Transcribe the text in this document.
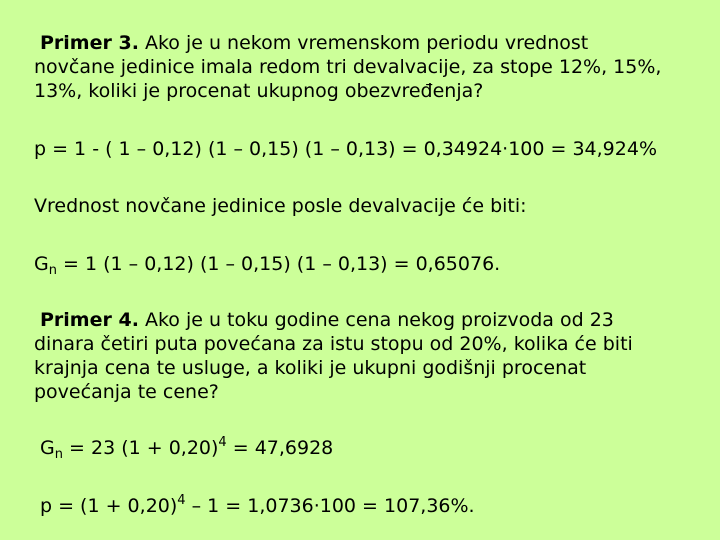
Primer 3. Ako je u nekom vremenskom periodu vrednost
novčane jedinice imala redom tri devalvacije, za stope 12%, 15%,
13%, koliki je procenat ukupnog obezvređenja?
p = 1 - ( 1 – 0,12) (1 – 0,15) (1 – 0,13) = 0,34924·100 = 34,924%
Vrednost novčane jedinice posle devalvacije će biti:
$G_n = 1$ (1 – 0,12) (1 – 0,15) (1 – 0,13) = 0,65076.
Primer 4. Ako je u toku godine cena nekog proizvoda od 23
dinara četiri puta povećana za istu stopu od 20%, kolika će biti
krajnja cena te usluge, a koliki je ukupni godišnji procenat
povećanja te cene?
$G_n = 23$ $(1 + 0,20)^4 = 47,6928$
$p = (1 + 0,20)^4 - 1 = 1,0736\cdot 100 = 107,36\%$.
